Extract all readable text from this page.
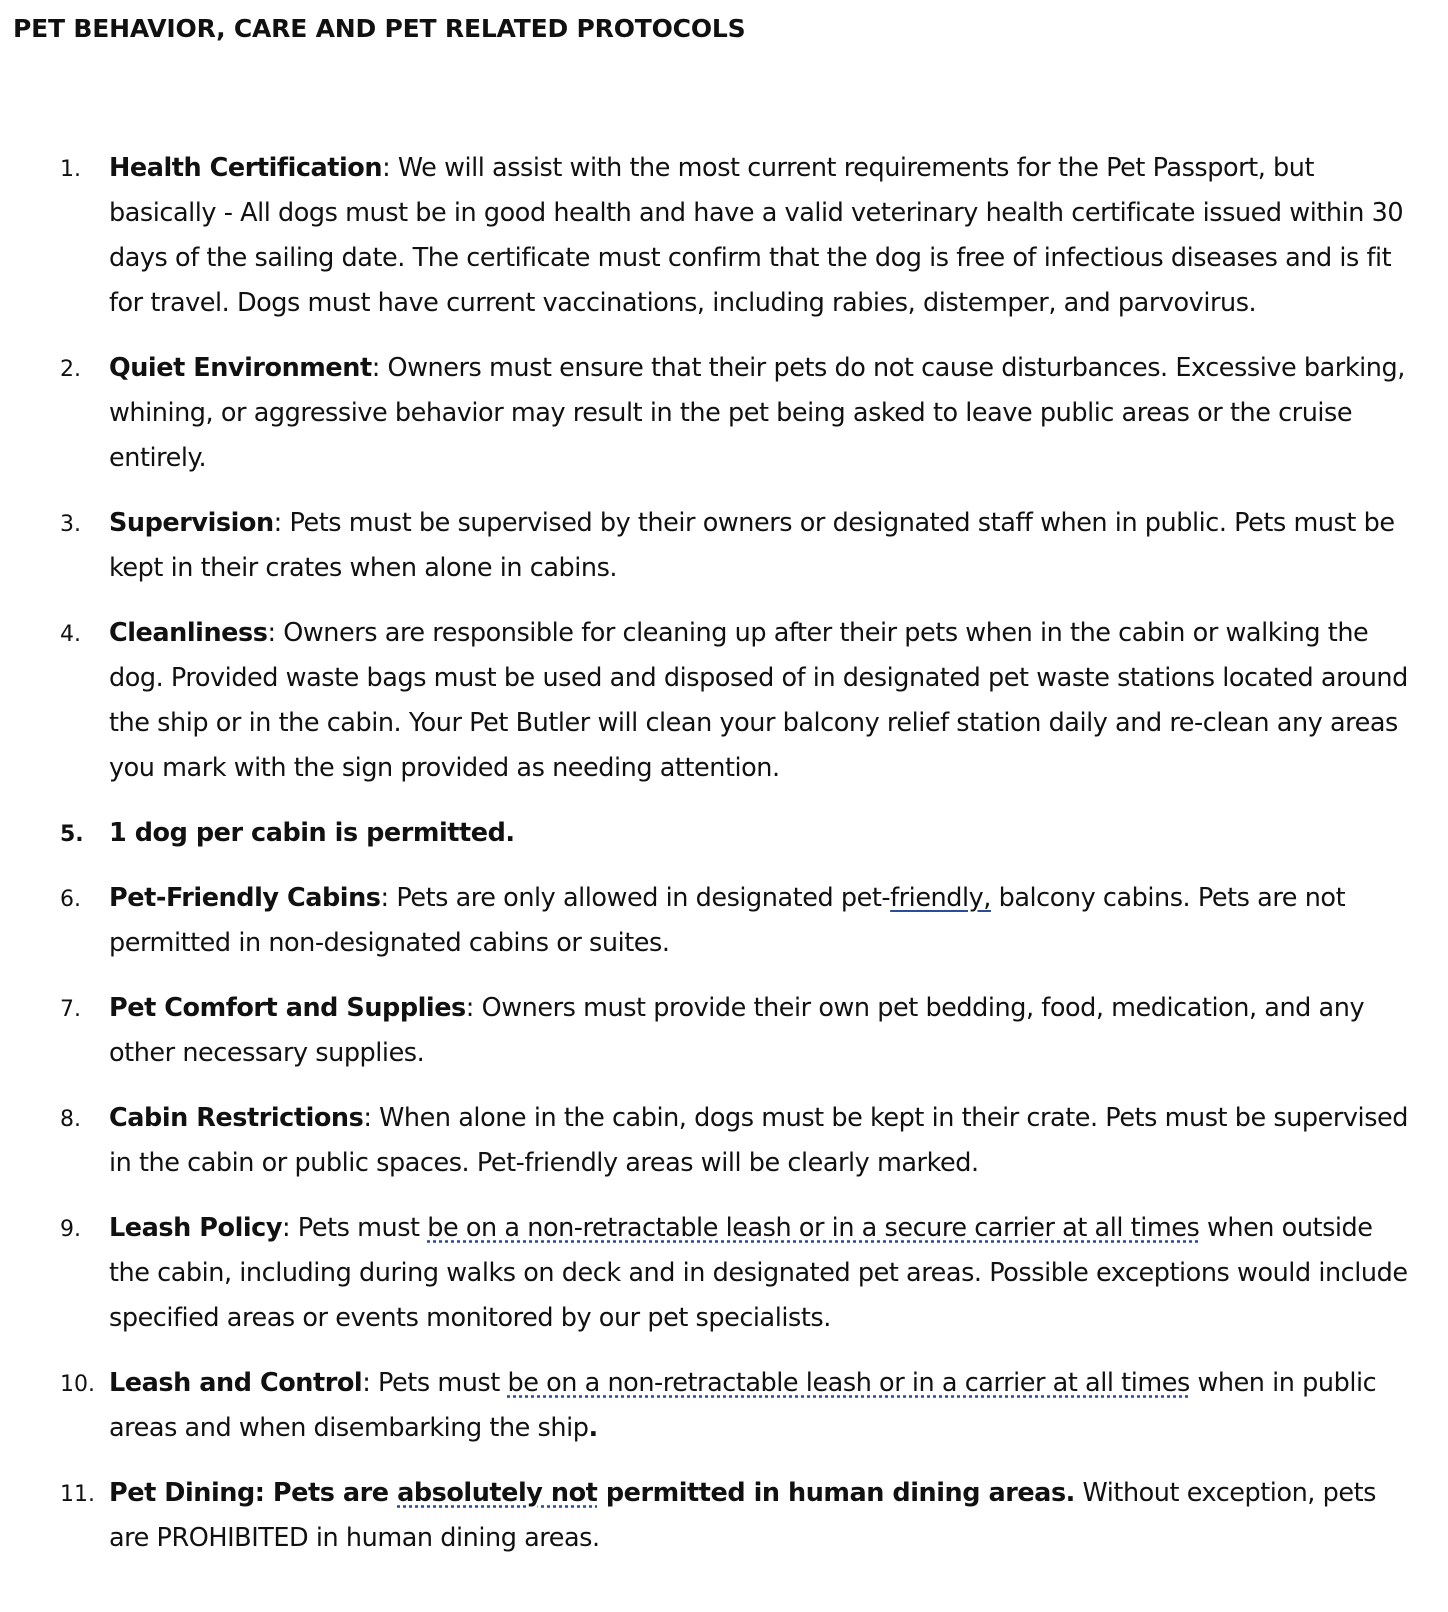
PET BEHAVIOR, CARE AND PET RELATED PROTOCOLS
1. Health Certification: We will assist with the most current requirements for the Pet Passport, but basically - All dogs must be in good health and have a valid veterinary health certificate issued within 30 days of the sailing date. The certificate must confirm that the dog is free of infectious diseases and is fit for travel. Dogs must have current vaccinations, including rabies, distemper, and parvovirus.
2. Quiet Environment: Owners must ensure that their pets do not cause disturbances. Excessive barking, whining, or aggressive behavior may result in the pet being asked to leave public areas or the cruise entirely.
3. Supervision: Pets must be supervised by their owners or designated staff when in public. Pets must be kept in their crates when alone in cabins.
4. Cleanliness: Owners are responsible for cleaning up after their pets when in the cabin or walking the dog. Provided waste bags must be used and disposed of in designated pet waste stations located around the ship or in the cabin. Your Pet Butler will clean your balcony relief station daily and re-clean any areas you mark with the sign provided as needing attention.
5. 1 dog per cabin is permitted.
6. Pet-Friendly Cabins: Pets are only allowed in designated pet-friendly, balcony cabins. Pets are not permitted in non-designated cabins or suites.
7. Pet Comfort and Supplies: Owners must provide their own pet bedding, food, medication, and any other necessary supplies.
8. Cabin Restrictions: When alone in the cabin, dogs must be kept in their crate. Pets must be supervised in the cabin or public spaces. Pet-friendly areas will be clearly marked.
9. Leash Policy: Pets must be on a non-retractable leash or in a secure carrier at all times when outside the cabin, including during walks on deck and in designated pet areas. Possible exceptions would include specified areas or events monitored by our pet specialists.
10. Leash and Control: Pets must be on a non-retractable leash or in a carrier at all times when in public areas and when disembarking the ship.
11. Pet Dining: Pets are absolutely not permitted in human dining areas. Without exception, pets are PROHIBITED in human dining areas.
